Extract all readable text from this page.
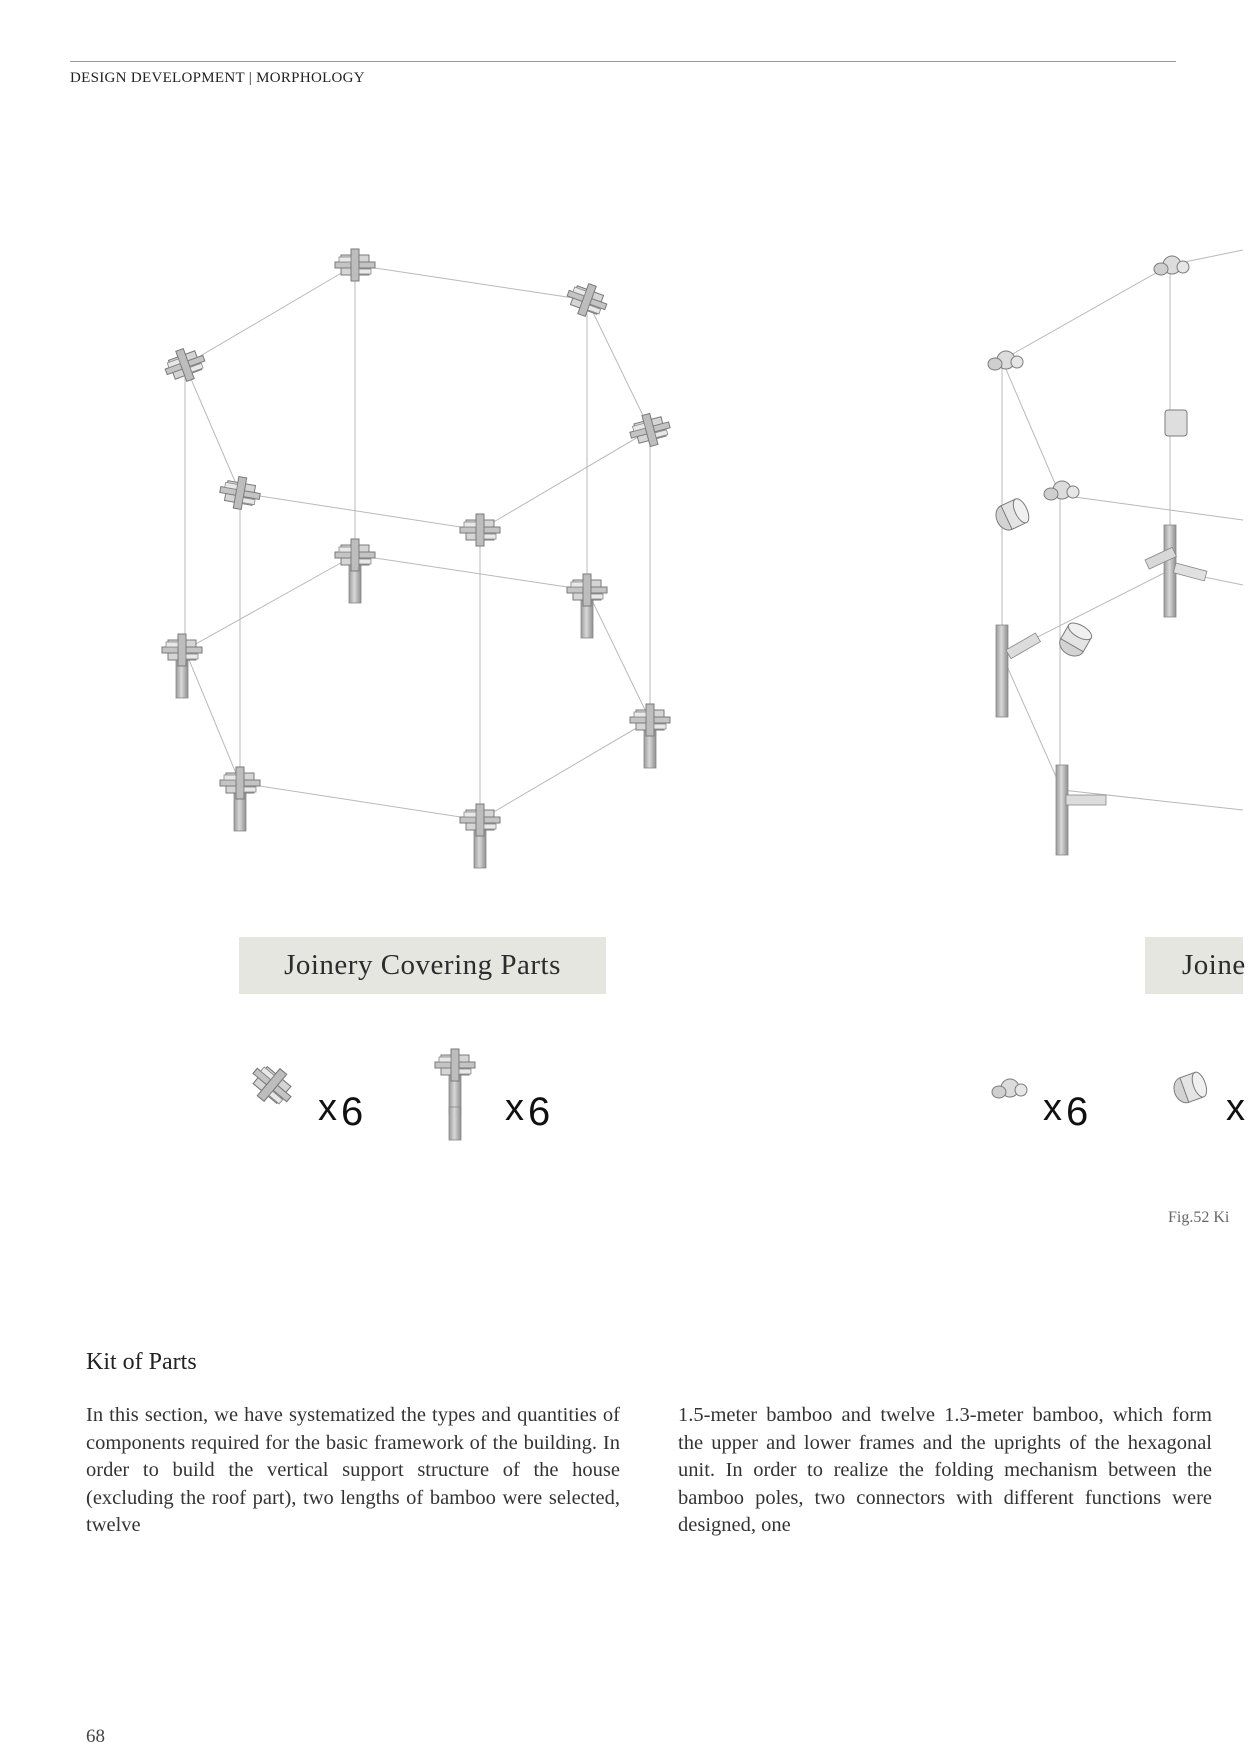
DESIGN DEVELOPMENT | MORPHOLOGY
Joinery Covering Parts	Joine
x 6	x 6	x 6	x
Fig.52 Ki
Kit of Parts
In this section, we have systematized the types and quantities of components required for the basic framework of the building. In order to build the vertical support structure of the house (excluding the roof part), two lengths of bamboo were selected, twelve
1.5-meter bamboo and twelve 1.3-meter bamboo, which form the upper and lower frames and the uprights of the hexagonal unit. In order to realize the folding mechanism between the bamboo poles, two connectors with different functions were designed, one
68
